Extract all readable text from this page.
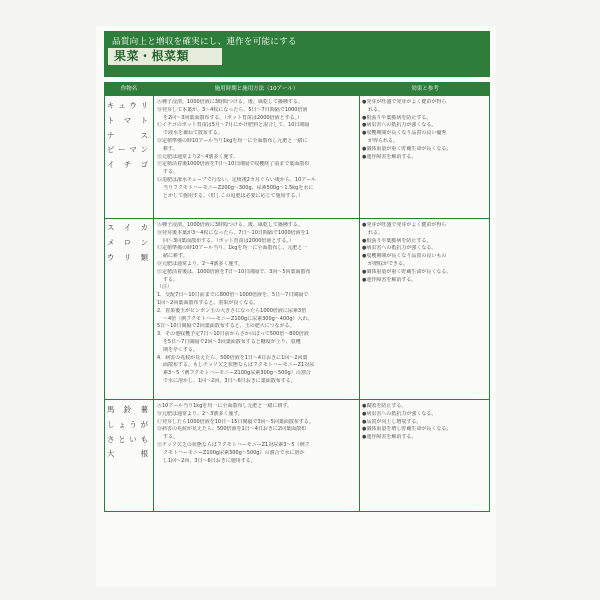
品質向上と増収を確実にし、連作を可能にする
果菜・根菜類
作物名	施用時期と施用方法（10アール）	効果と参考
キュウリ
トマト
ナス
ピーマン
イチゴ
Ⓐ種子浸漬。1000倍液に3時間つける。後、風乾して播種する。
Ⓑ発芽して本葉が、3～4枚になったら、5日～7日間隔で1000倍液
を2回～3回葉面散布する。（ポット育苗は2000倍液とする。）
Ⓒイチゴのポット育苗は5月～7月にかけ肥料と混合して、10日間隔
で液水を兼ねて散布する。
Ⓓ定植準備の時10アール当り1kgを均一に全面散布し元肥と一緒に
耕す。
Ⓔ元肥は通常より2～4割多く施す。
Ⓕ定植活着後1000倍液を7日～10日間隔で収穫終了前まで葉面散布
する。
Ⓖ追肥は潅水チューブで行ない、定植後2カ月ぐらい後から、10アール
当りフクモトハーモニーZ200g～300g、尿素500g～1.5kgを水に
とかして施用する。（但しこの追肥は必要に応じて施用する。）
●発芽が旺盛で発芽がよく健苗が得ら
れる。
●根張りや葉脈病を防止する。
●病虫害への抵抗力が強くなる。
●収穫期間が長くなり品質の良い優秀
が得られる。
●個体重量が重く貯蔵生命が長くなる。
●連作障害を解消する。
スイカ
メロン
ウリ類
Ⓐ種子浸漬。1000倍液に3時間つける。後、風乾して播種する。
Ⓑ発芽後本葉が3～4枚になったら、7日～10日間隔で1000倍液を1
回～3回葉面散布する。（ポット育苗は2000倍液とする。）
Ⓒ定植準備の時10アール当り、1kgを均一に全面散布し、元肥と一
緒に耕す。
Ⓓ元肥は通常より、2～4割多く施す。
Ⓔ定植活着後は、1000倍液を7日～10日間隔で、3回～5回葉面散布
する。
（注）
1．交配7日～10日前までに800倍～1000倍液を、5日～7日間隔で
1回～2回葉面散布すると、着果が良くなる。
2．着果後玉がピンポン玉の大きさになったら1000倍液に尿素3倍
～4倍（例フクモトハーモニーZ100gに尿素300g～400g）入れ、
5日～10日間隔で2回葉面散布すると、玉の肥大につながる。
3．その他収穫予定7日～10日前からさかのぼって500倍～800倍液
を5日～7日間隔で2回～3回葉面散布すると糖度が上り、収穫
期を早くする。
4．病害の兆候が見えたら、500倍液を1日～4日おきに1回～2回葉
面散布する。もしチッソ欠乏状態ならばフクモトハーモニーZ1対尿
素3～5（例フクモトハーモニーZ100g尿素300g～500g）の割合
で水に溶かし、1回～2回、3日～6日おきに葉面散布する。
●発芽が旺盛で発芽がよく健苗が得ら
れる。
●根張りや葉脈病を防止する。
●病虫害への抵抗力が強くなる。
●収穫期間が長くなり品質の良いもの
が増収ができる。
●個体重量が重く貯蔵生命が長くなる。
●連作障害を解消する。
馬鈴薯
しょうが
さといも
大根
Ⓐ10アール当り1kgを均一に全面散布し元肥と一緒に耕す。
Ⓑ元肥は通常より、2～3割多く施す。
Ⓒ発芽したら1000倍液を10日～15日間隔で3回～5回葉面散布する。
Ⓓ病害の兆候が見えたら、500倍液を1日～4日おきに2回葉面散布
する。
Ⓔチッソ欠乏の状態ならばフクモトハーモニーZ1対尿素3～5（例フ
クモトハーモニーZ100g尿素300g～500g）の割合で水に溶か
し1回～2回、3日～6日おきに施用する。
●腐敗を防止する。
●病虫害への抵抗力が強くなる。
●品質が向上し増収する。
●個体重量を増し貯蔵生命が長くなる。
●連作障害を解消する。
